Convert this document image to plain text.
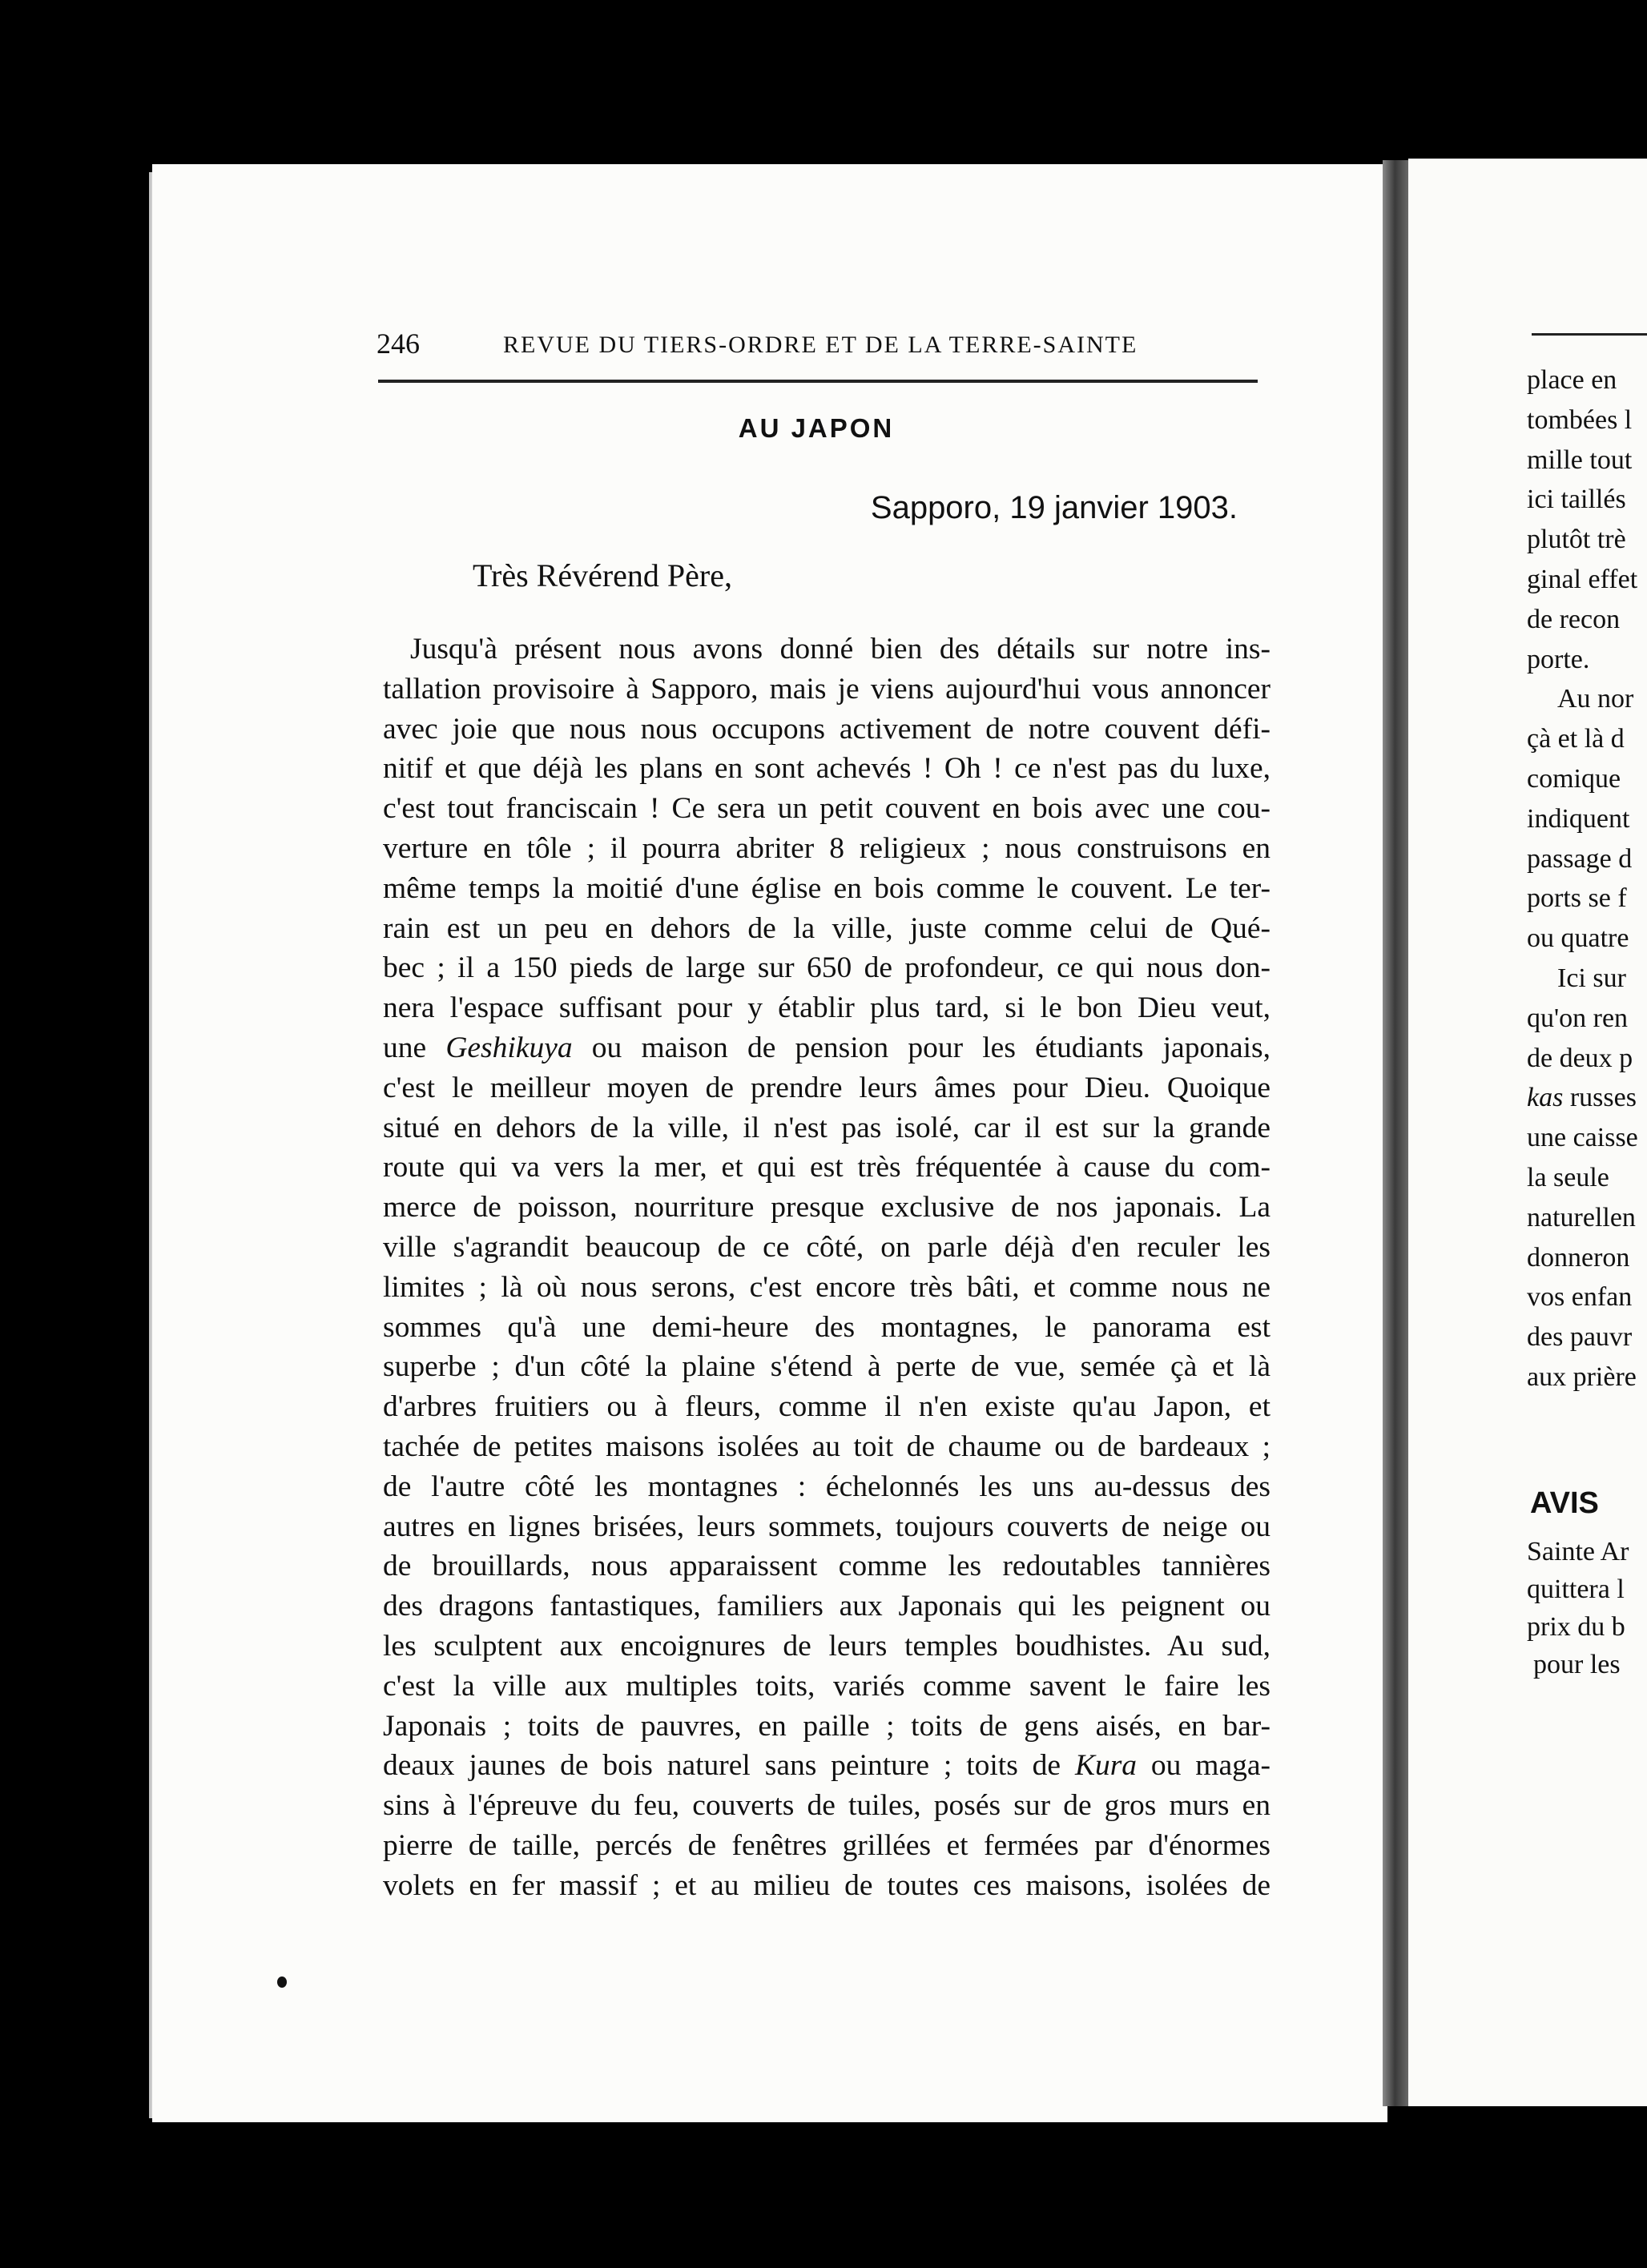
place en
tombées l
mille tout
ici taillés
plutôt trè
ginal effet
de recon
porte.
Au nor
çà et là d
comique
indiquent
passage d
ports se f
ou quatre
Ici sur
qu'on ren
de deux p
kas russes
une caisse
la seule
naturellen
donneron
vos enfan
des pauvr
aux prière
AVIS
Sainte Ar
quittera l
prix du b
pour les
246	REVUE DU TIERS-ORDRE ET DE LA TERRE-SAINTE
AU JAPON
Sapporo, 19 janvier 1903.
Très Révérend Père,
Jusqu'à présent nous avons donné bien des détails sur notre ins-
tallation provisoire à Sapporo, mais je viens aujourd'hui vous annoncer
avec joie que nous nous occupons activement de notre couvent défi-
nitif et que déjà les plans en sont achevés ! Oh ! ce n'est pas du luxe,
c'est tout franciscain ! Ce sera un petit couvent en bois avec une cou-
verture en tôle ; il pourra abriter 8 religieux ; nous construisons en
même temps la moitié d'une église en bois comme le couvent. Le ter-
rain est un peu en dehors de la ville, juste comme celui de Qué-
bec ; il a 150 pieds de large sur 650 de profondeur, ce qui nous don-
nera l'espace suffisant pour y établir plus tard, si le bon Dieu veut,
une Geshikuya ou maison de pension pour les étudiants japonais,
c'est le meilleur moyen de prendre leurs âmes pour Dieu. Quoique
situé en dehors de la ville, il n'est pas isolé, car il est sur la grande
route qui va vers la mer, et qui est très fréquentée à cause du com-
merce de poisson, nourriture presque exclusive de nos japonais. La
ville s'agrandit beaucoup de ce côté, on parle déjà d'en reculer les
limites ; là où nous serons, c'est encore très bâti, et comme nous ne
sommes qu'à une demi-heure des montagnes, le panorama est
superbe ; d'un côté la plaine s'étend à perte de vue, semée çà et là
d'arbres fruitiers ou à fleurs, comme il n'en existe qu'au Japon, et
tachée de petites maisons isolées au toit de chaume ou de bardeaux ;
de l'autre côté les montagnes : échelonnés les uns au-dessus des
autres en lignes brisées, leurs sommets, toujours couverts de neige ou
de brouillards, nous apparaissent comme les redoutables tannières
des dragons fantastiques, familiers aux Japonais qui les peignent ou
les sculptent aux encoignures de leurs temples boudhistes. Au sud,
c'est la ville aux multiples toits, variés comme savent le faire les
Japonais ; toits de pauvres, en paille ; toits de gens aisés, en bar-
deaux jaunes de bois naturel sans peinture ; toits de Kura ou maga-
sins à l'épreuve du feu, couverts de tuiles, posés sur de gros murs en
pierre de taille, percés de fenêtres grillées et fermées par d'énormes
volets en fer massif ; et au milieu de toutes ces maisons, isolées de
